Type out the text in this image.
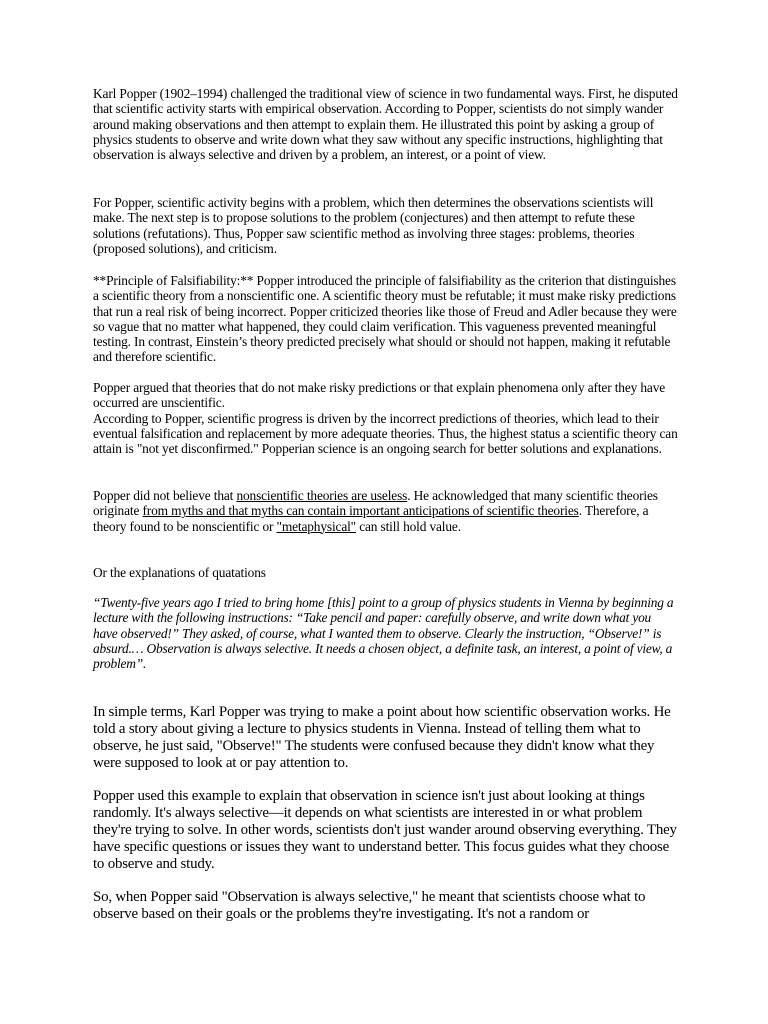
Karl Popper (1902–1994) challenged the traditional view of science in two fundamental ways. First, he disputed that scientific activity starts with empirical observation. According to Popper, scientists do not simply wander around making observations and then attempt to explain them. He illustrated this point by asking a group of physics students to observe and write down what they saw without any specific instructions, highlighting that observation is always selective and driven by a problem, an interest, or a point of view.

For Popper, scientific activity begins with a problem, which then determines the observations scientists will make. The next step is to propose solutions to the problem (conjectures) and then attempt to refute these solutions (refutations). Thus, Popper saw scientific method as involving three stages: problems, theories (proposed solutions), and criticism.

**Principle of Falsifiability:** Popper introduced the principle of falsifiability as the criterion that distinguishes a scientific theory from a nonscientific one. A scientific theory must be refutable; it must make risky predictions that run a real risk of being incorrect. Popper criticized theories like those of Freud and Adler because they were so vague that no matter what happened, they could claim verification. This vagueness prevented meaningful testing. In contrast, Einstein’s theory predicted precisely what should or should not happen, making it refutable and therefore scientific.

Popper argued that theories that do not make risky predictions or that explain phenomena only after they have occurred are unscientific.
According to Popper, scientific progress is driven by the incorrect predictions of theories, which lead to their eventual falsification and replacement by more adequate theories. Thus, the highest status a scientific theory can attain is "not yet disconfirmed." Popperian science is an ongoing search for better solutions and explanations.

Popper did not believe that nonscientific theories are useless. He acknowledged that many scientific theories originate from myths and that myths can contain important anticipations of scientific theories. Therefore, a theory found to be nonscientific or "metaphysical" can still hold value.

Or the explanations of quatations

“Twenty-five years ago I tried to bring home [this] point to a group of physics students in Vienna by beginning a lecture with the following instructions: “Take pencil and paper: carefully observe, and write down what you have observed!” They asked, of course, what I wanted them to observe. Clearly the instruction, “Observe!” is absurd.… Observation is always selective. It needs a chosen object, a definite task, an interest, a point of view, a problem”.

In simple terms, Karl Popper was trying to make a point about how scientific observation works. He told a story about giving a lecture to physics students in Vienna. Instead of telling them what to observe, he just said, "Observe!" The students were confused because they didn't know what they were supposed to look at or pay attention to.

Popper used this example to explain that observation in science isn't just about looking at things randomly. It's always selective—it depends on what scientists are interested in or what problem they're trying to solve. In other words, scientists don't just wander around observing everything. They have specific questions or issues they want to understand better. This focus guides what they choose to observe and study.

So, when Popper said "Observation is always selective," he meant that scientists choose what to observe based on their goals or the problems they're investigating. It's not a random or
